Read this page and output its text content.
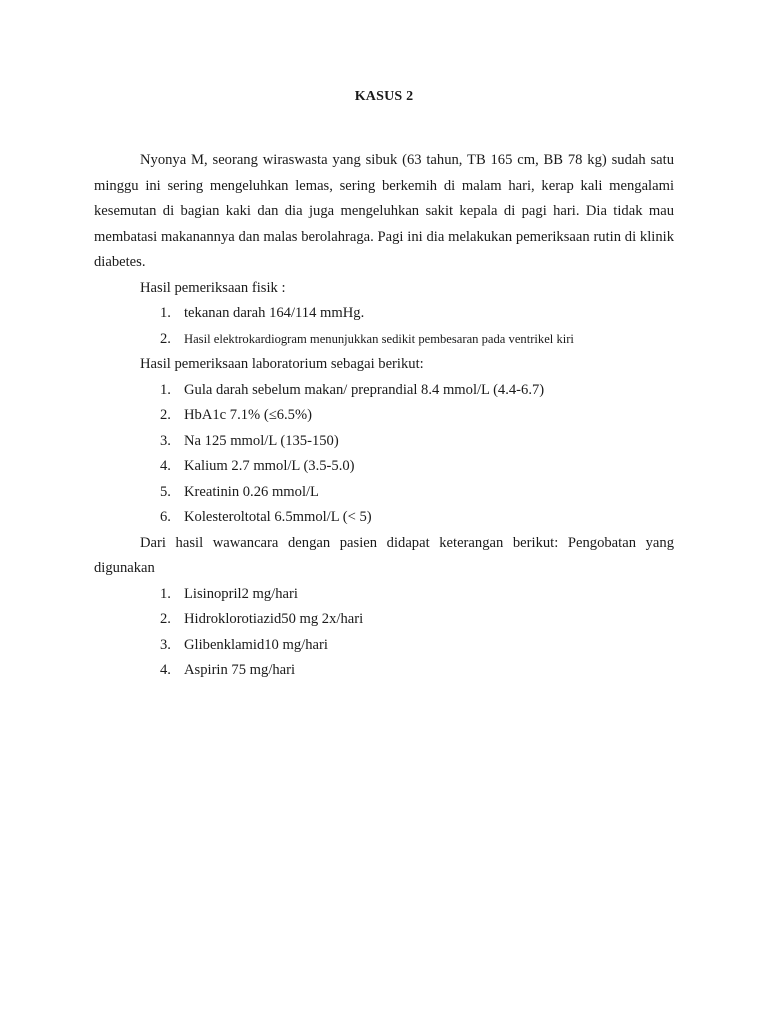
KASUS 2

Nyonya M, seorang wiraswasta yang sibuk (63 tahun, TB 165 cm, BB 78 kg) sudah satu minggu ini sering mengeluhkan lemas, sering berkemih di malam hari, kerap kali mengalami kesemutan di bagian kaki dan dia juga mengeluhkan sakit kepala di pagi hari. Dia tidak mau membatasi makanannya dan malas berolahraga. Pagi ini dia melakukan pemeriksaan rutin di klinik diabetes.

Hasil pemeriksaan fisik :

1. tekanan darah 164/114 mmHg.
2. Hasil elektrokardiogram menunjukkan sedikit pembesaran pada ventrikel kiri

Hasil pemeriksaan laboratorium sebagai berikut:

1. Gula darah sebelum makan/ preprandial 8.4 mmol/L (4.4-6.7)
2. HbA1c 7.1% (≤6.5%)
3. Na 125 mmol/L (135-150)
4. Kalium 2.7 mmol/L (3.5-5.0)
5. Kreatinin 0.26 mmol/L
6. Kolesteroltotal 6.5mmol/L (< 5)

Dari hasil wawancara dengan pasien didapat keterangan berikut: Pengobatan yang digunakan

1. Lisinopril2 mg/hari
2. Hidroklorotiazid50 mg 2x/hari
3. Glibenklamid10 mg/hari
4. Aspirin 75 mg/hari
